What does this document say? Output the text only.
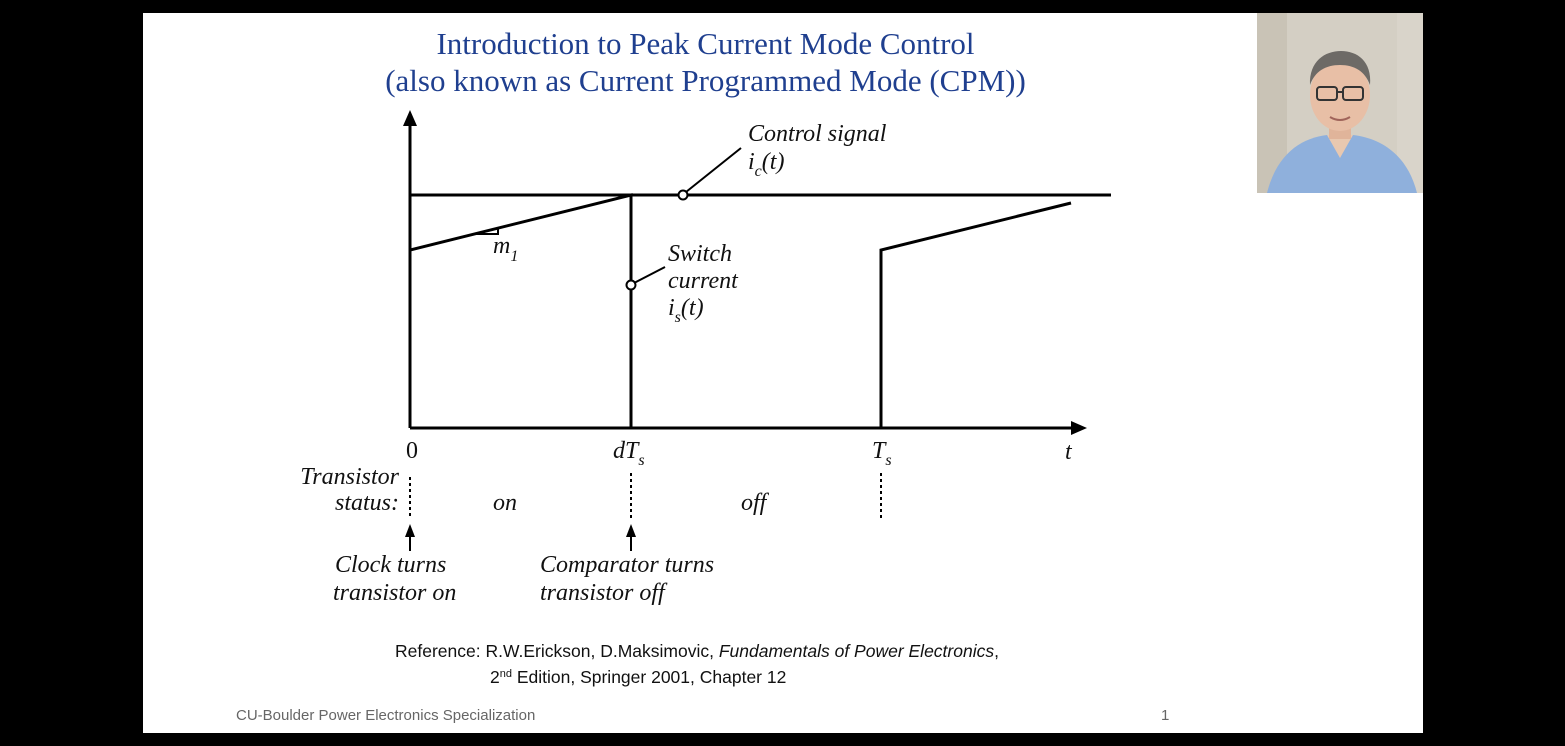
Introduction to Peak Current Mode Control
(also known as Current Programmed Mode (CPM))
Control signal
$i_c(t)$
$m_1$	Switch
current
$i_s(t)$
0	$dT_s$	$T_s$	t
Transistor
status:	on	off
Clock turns
transistor on
Comparator turns
transistor off
Reference: R.W.Erickson, D.Maksimovic, Fundamentals of Power Electronics,
2nd Edition, Springer 2001, Chapter 12
CU-Boulder Power Electronics Specialization	1
